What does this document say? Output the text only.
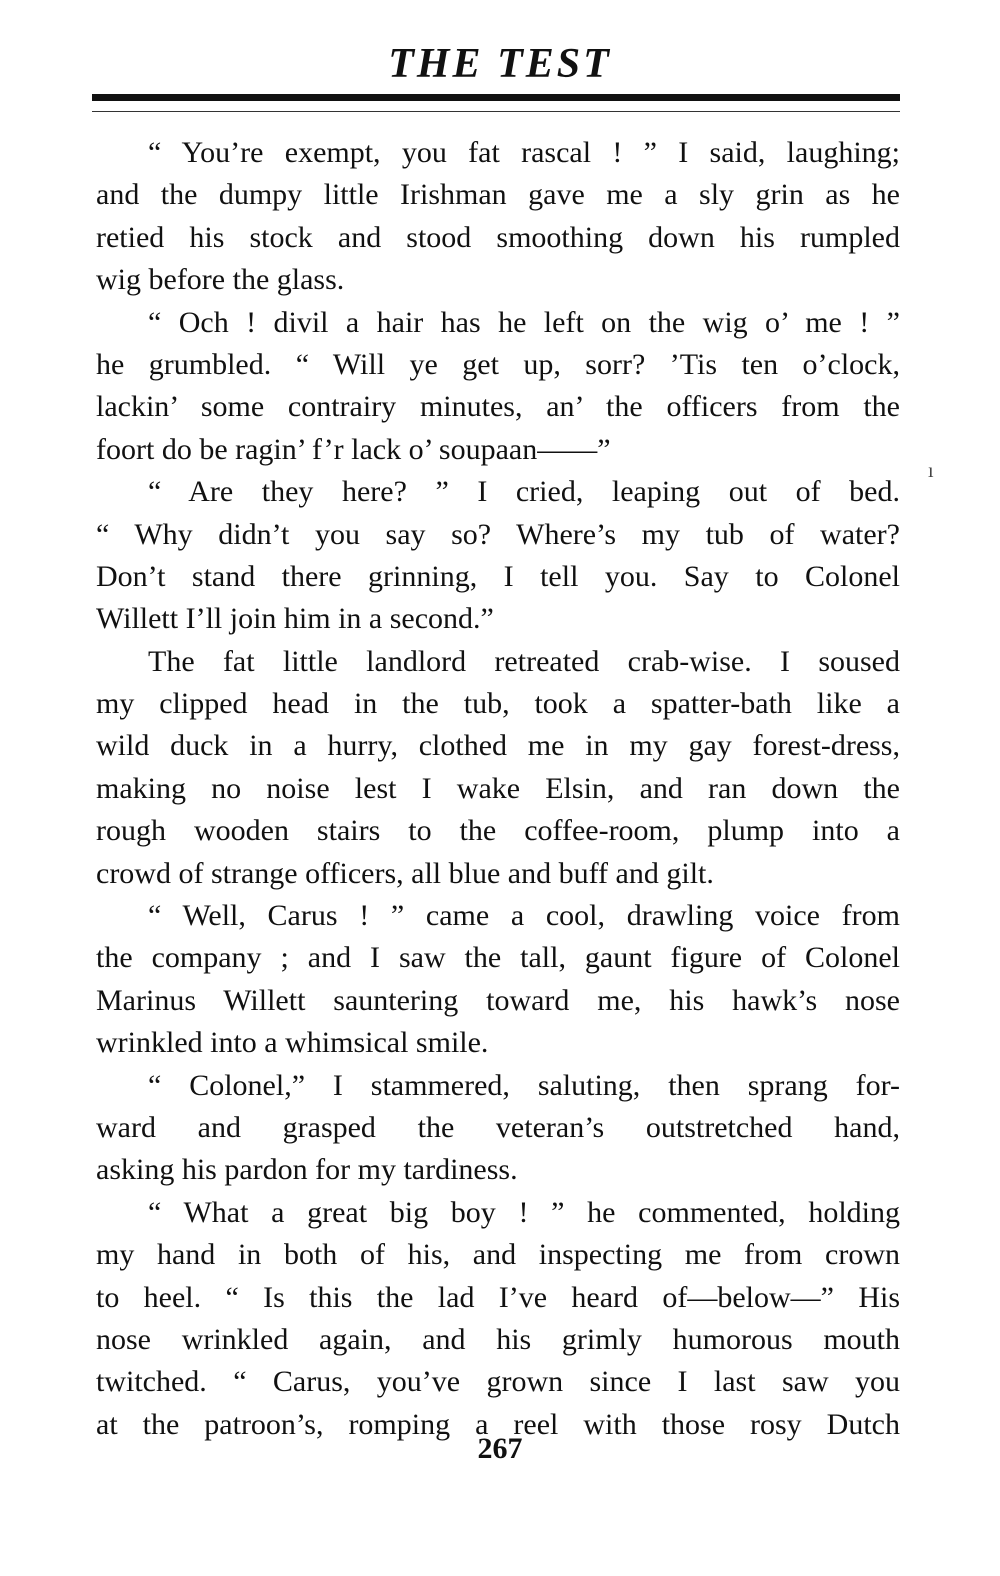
THE TEST
“ You’re exempt, you fat rascal ! ” I said, laughing;
and the dumpy little Irishman gave me a sly grin as he
retied his stock and stood smoothing down his rumpled
wig before the glass.
“ Och ! divil a hair has he left on the wig o’ me ! ”
he grumbled. “ Will ye get up, sorr? ’Tis ten o’clock,
lackin’ some contrairy minutes, an’ the officers from the
foort do be ragin’ f’r lack o’ soupaan——”
“ Are they here? ” I cried, leaping out of bed.
“ Why didn’t you say so? Where’s my tub of water?
Don’t stand there grinning, I tell you. Say to Colonel
Willett I’ll join him in a second.”
The fat little landlord retreated crab-wise. I soused
my clipped head in the tub, took a spatter-bath like a
wild duck in a hurry, clothed me in my gay forest-dress,
making no noise lest I wake Elsin, and ran down the
rough wooden stairs to the coffee-room, plump into a
crowd of strange officers, all blue and buff and gilt.
“ Well, Carus ! ” came a cool, drawling voice from
the company ; and I saw the tall, gaunt figure of Colonel
Marinus Willett sauntering toward me, his hawk’s nose
wrinkled into a whimsical smile.
“ Colonel,” I stammered, saluting, then sprang for-
ward and grasped the veteran’s outstretched hand,
asking his pardon for my tardiness.
“ What a great big boy ! ” he commented, holding
my hand in both of his, and inspecting me from crown
to heel. “ Is this the lad I’ve heard of—below—” His
nose wrinkled again, and his grimly humorous mouth
twitched. “ Carus, you’ve grown since I last saw you
at the patroon’s, romping a reel with those rosy Dutch
267
ı
